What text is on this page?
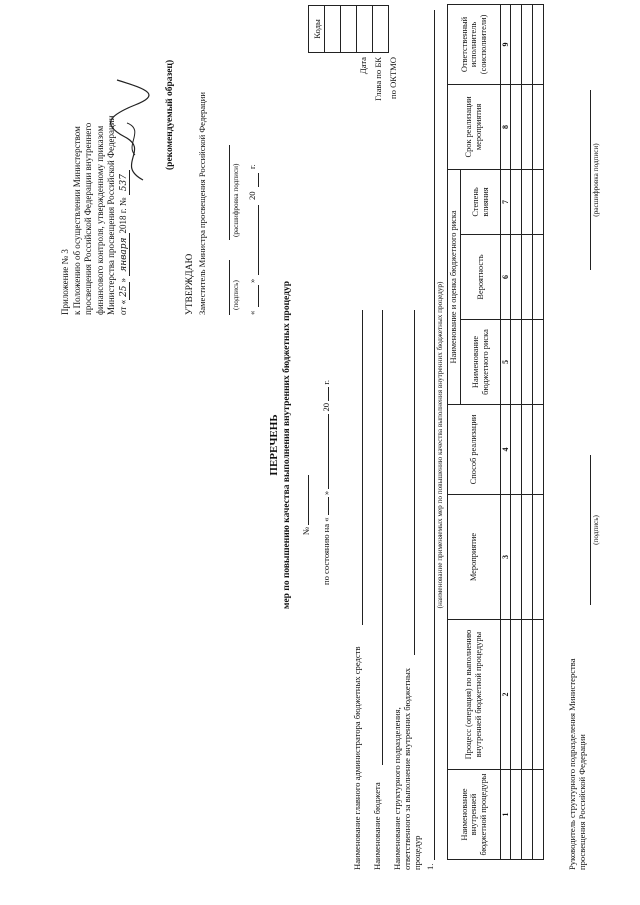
Приложение № 3 к Положению об осуществлении Министерством просвещения Российской Федерации внутреннего финансового контроля, утвержденному приказом Министерства просвещения Российской Федерации от «25» января2018 г. № 537
(рекомендуемый образец)
УТВЕРЖДАЮ Заместитель Министра просвещения Российской Федерации	(подпись)
(расшифровка подписи)
«
»
20
г.
Коды

Дата Глава по БК по ОКТМО
ПЕРЕЧЕНЬ мер по повышению качества выполнения внутренних бюджетных процедур № по состоянию на «  »  20  г.
Наименование главного администратора бюджетных средств Наименование бюджета Наименование структурного подразделения, ответственного за выполнение внутренних бюджетных процедур 1.
(наименование применяемых мер по повышению качества выполнения внутренних бюджетных процедур)
Наименование внутренней бюджетной процедуры	Процесс (операция) по выполнению внутренней бюджетной процедуры	Мероприятие	Способ реализации	Наименование и оценка бюджетного риска			Срок реализации мероприятия	Ответственный исполнитель (соисполнители)
				Наименование бюджетного риска	Вероятность	Степень влияния		
1	2	3	4	5	6	7	8	9

Руководитель структурного подразделения Министерства просвещения Российской Федерации
(подпись)
(расшифровка подписи)
